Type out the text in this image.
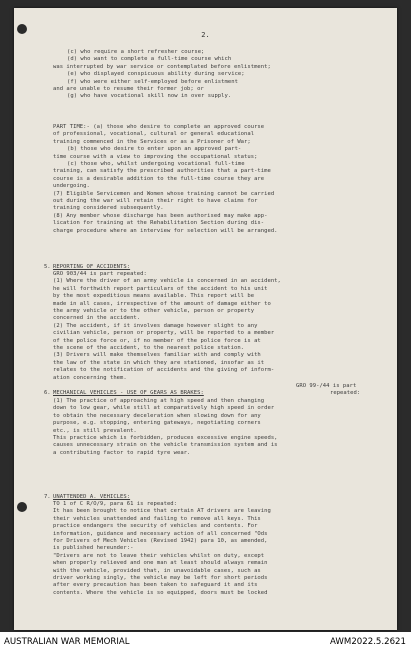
2.
(c) who require a short refresher course;
(d) who want to complete a full-time course which
was interrupted by war service or contemplated before enlistment;
(e) who displayed conspicuous ability during service;
(f) who were either self-employed before enlistment
and are unable to resume their former job; or
(g) who have vocational skill now in over supply.
PART TIME:- (a) those who desire to complete an approved course
of professional, vocational, cultural or general educational
training commenced in the Services or as a Prisoner of War;
(b) those who desire to enter upon an approved part-
time course with a view to improving the occupational status;
(c) those who, whilst undergoing vocational full-time
training, can satisfy the prescribed authorities that a part-time
course is a desirable addition to the full-time course they are
undergoing.
(7) Eligible Servicemen and Women whose training cannot be carried
out during the war will retain their right to have claims for
training considered subsequently.
(8) Any member whose discharge has been authorised may make app-
lication for training at the Rehabilitation Section during dis-
charge procedure where an interview for selection will be arranged.
5. REPORTING OF ACCIDENTS:
GRO 903/44 is part repeated:
(1) Where the driver of an army vehicle is concerned in an accident,
he will forthwith report particulars of the accident to his unit
by the most expeditious means available. This report will be
made in all cases, irrespective of the amount of damage either to
the army vehicle or to the other vehicle, person or property
concerned in the accident.
(2) The accident, if it involves damage however slight to any
civilian vehicle, person or property, will be reported to a member
of the police force or, if no member of the police force is at
the scene of the accident, to the nearest police station.
(3) Drivers will make themselves familiar with and comply with
the law of the state in which they are stationed, insofar as it
relates to the notification of accidents and the giving of inform-
ation concerning them.
GRO 99-/44 is part
6. MECHANICAL VEHICLES - USE OF GEARS AS BRAKES:	repeated:
(1) The practice of approaching at high speed and then changing
down to low gear, while still at comparatively high speed in order
to obtain the necessary deceleration when slowing down for any
purpose, e.g. stopping, entering gateways, negotiating corners
etc., is still prevalent.
This practice which is forbidden, produces excessive engine speeds,
causes unnecessary strain on the vehicle transmission system and is
a contributing factor to rapid tyre wear.
7. UNATTENDED A. VEHICLES:
TO 1 of C R/O/9, para 61 is repeated:
It has been brought to notice that certain AT drivers are leaving
their vehicles unattended and failing to remove all keys. This
practice endangers the security of vehicles and contents. For
information, guidance and necessary action of all concerned "Ods
for Drivers of Mech Vehicles (Revised 1942) para 10, as amended,
is published hereunder:-
"Drivers are not to leave their vehicles whilst on duty, except
when properly relieved and one man at least should always remain
with the vehicle, provided that, in unavoidable cases, such as
driver working singly, the vehicle may be left for short periods
after every precaution has been taken to safeguard it and its
contents. Where the vehicle is so equipped, doors must be locked
AUSTRALIAN WAR MEMORIAL	AWM2022.5.2621
